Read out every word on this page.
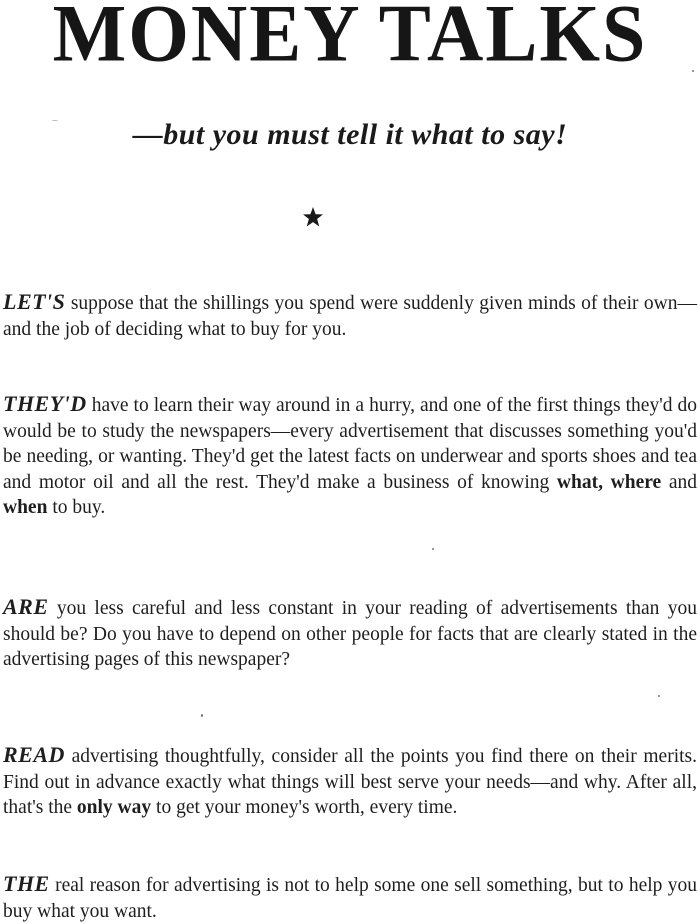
MONEY TALKS
—but you must tell it what to say!

LET'S suppose that the shillings you spend were suddenly given minds of their own—and the job of deciding what to buy for you.

THEY'D have to learn their way around in a hurry, and one of the first things they'd do would be to study the newspapers—every advertisement that discusses something you'd be needing, or wanting. They'd get the latest facts on underwear and sports shoes and tea and motor oil and all the rest. They'd make a business of knowing what, where and when to buy.

ARE you less careful and less constant in your reading of advertisements than you should be? Do you have to depend on other people for facts that are clearly stated in the advertising pages of this newspaper?

READ advertising thoughtfully, consider all the points you find there on their merits. Find out in advance exactly what things will best serve your needs—and why. After all, that's the only way to get your money's worth, every time.

THE real reason for advertising is not to help some one sell something, but to help you buy what you want.
